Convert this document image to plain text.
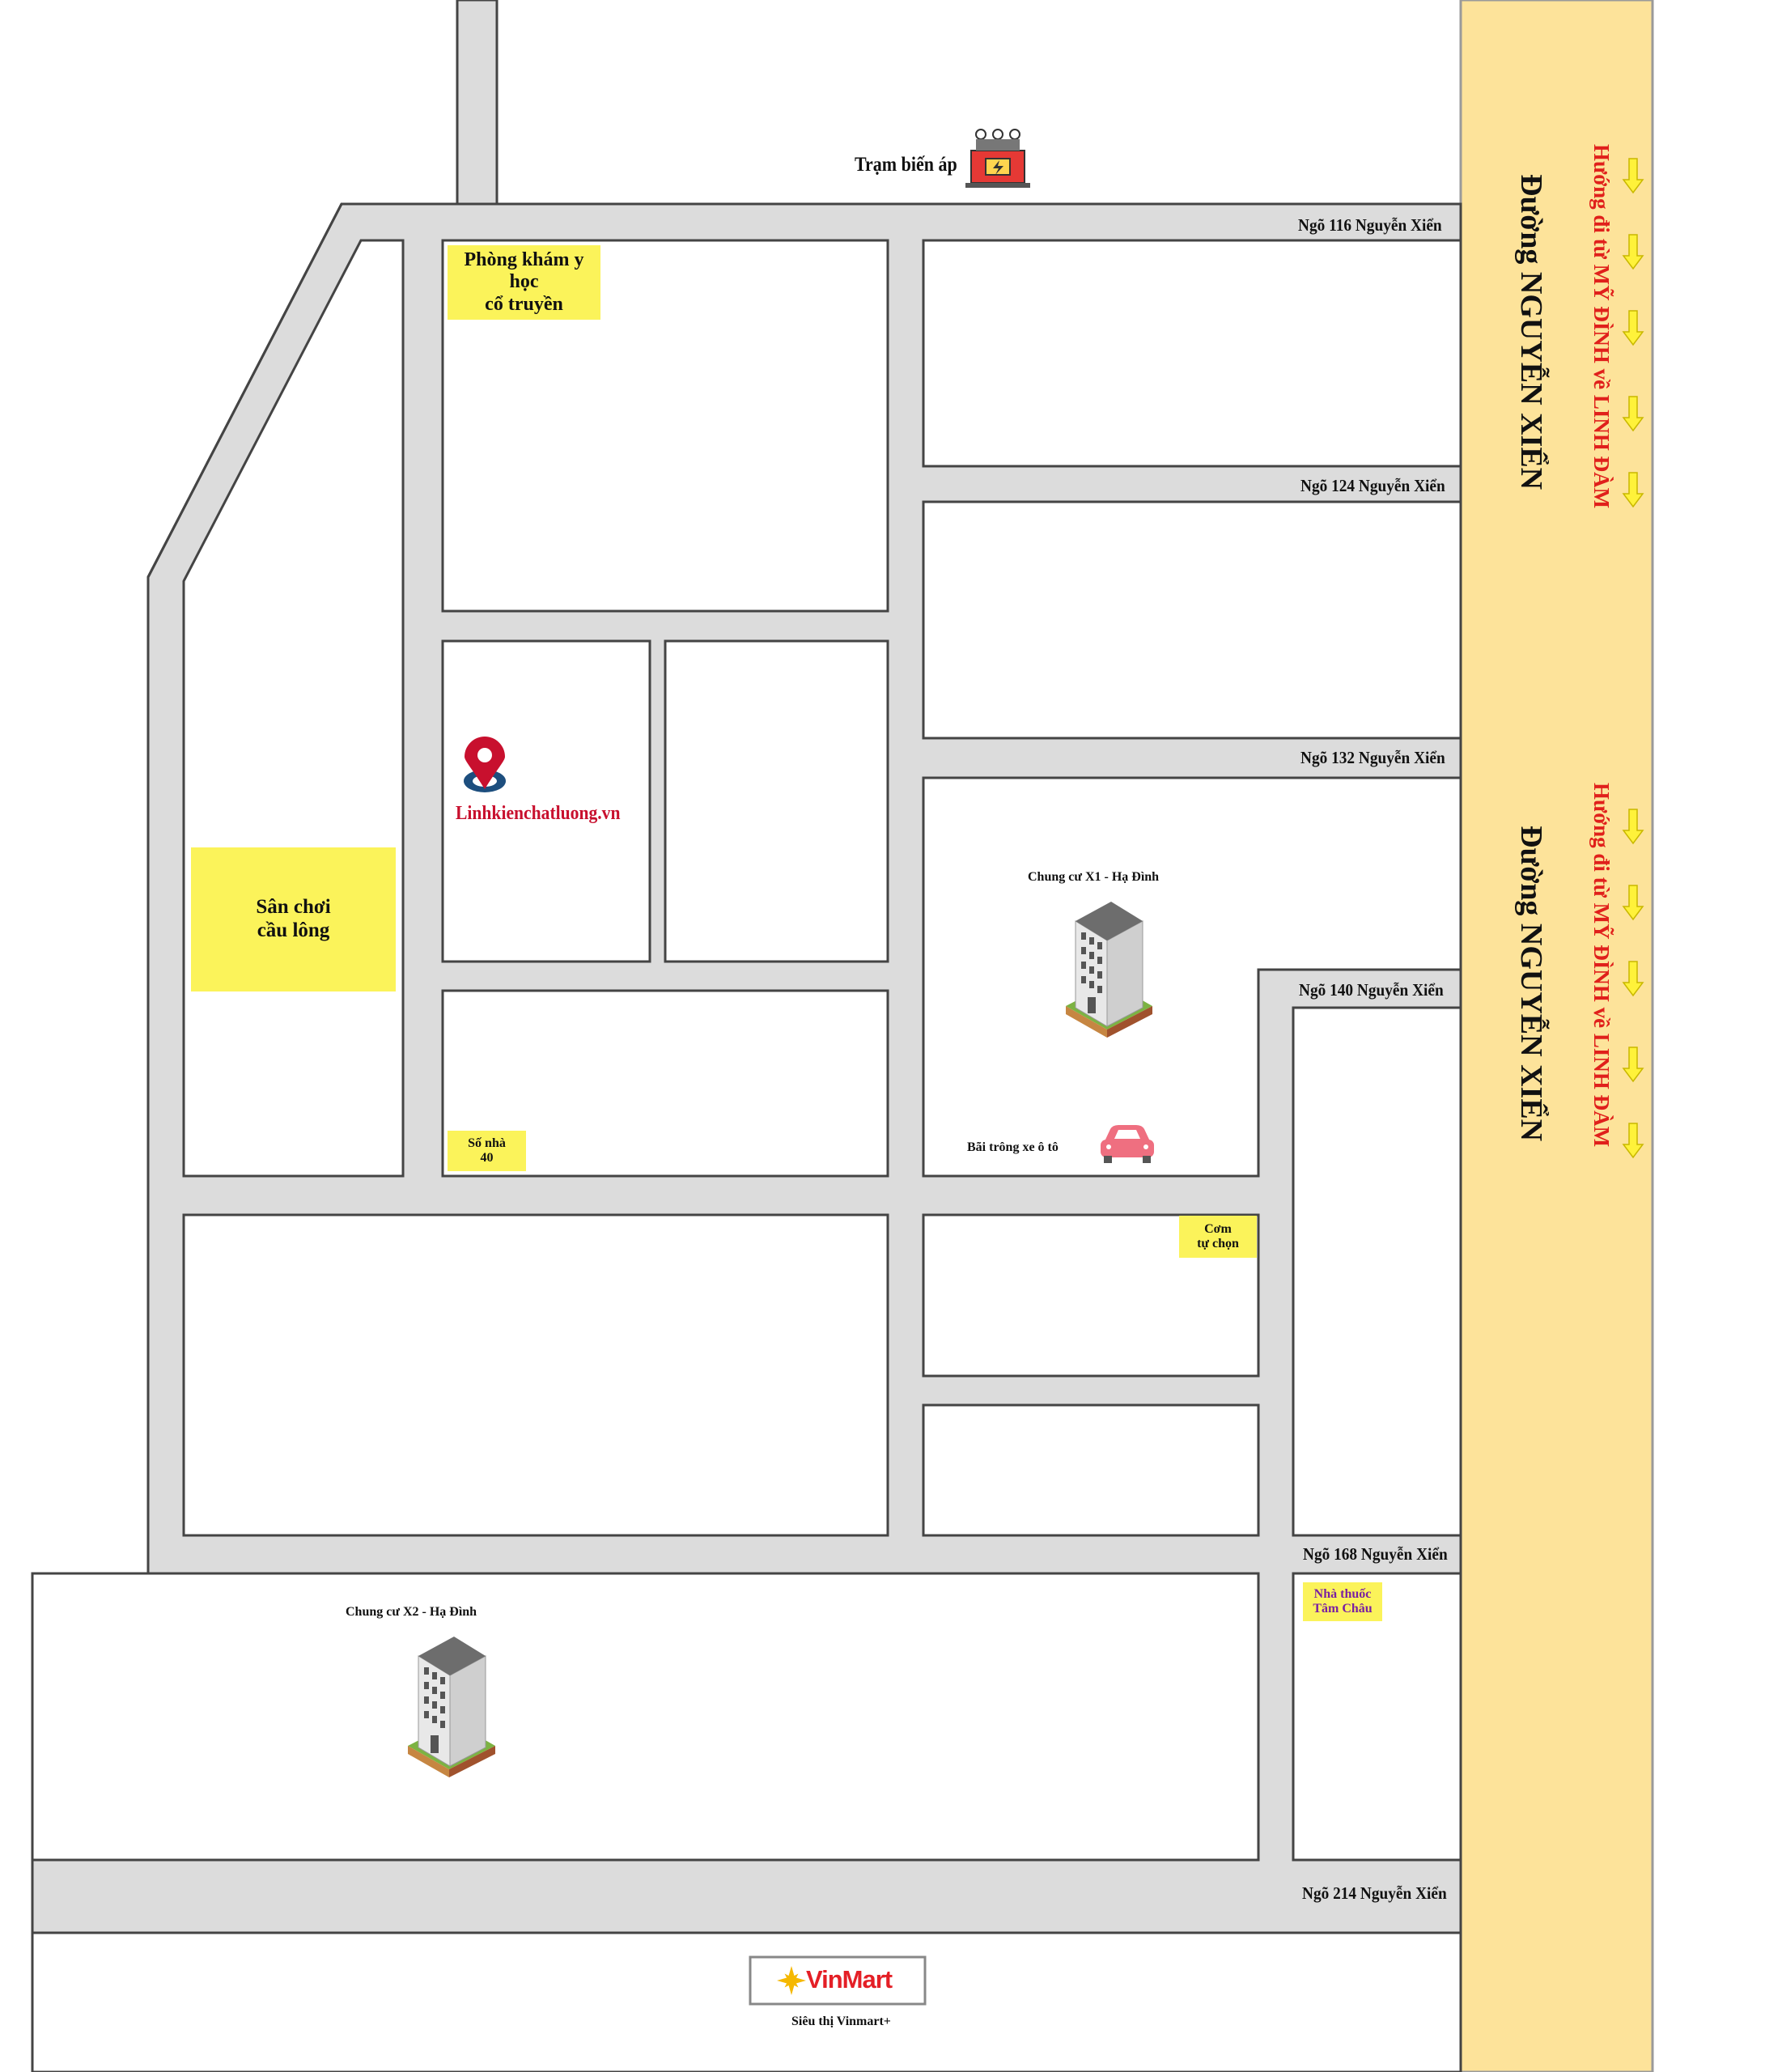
Trạm biến áp
Ngõ 116 Nguyễn Xiển
Ngõ 124 Nguyễn Xiển
Ngõ 132 Nguyễn Xiển
Ngõ 140 Nguyễn Xiển
Ngõ 168 Nguyễn Xiển
Ngõ 214 Nguyễn Xiển
Phòng khám y học
cổ truyền
Linhkienchatluong.vn
Sân chơi
cầu lông
Số nhà
40
Chung cư X1 - Hạ Đình
Bãi trông xe ô tô
Cơm
tự chọn
Nhà thuốc
Tâm Châu
Chung cư X2 - Hạ Đình
VinMart
Siêu thị Vinmart+
Đường NGUYỄN XIỂN
Đường NGUYỄN XIỂN
Hướng đi từ MỸ ĐÌNH về LINH ĐÀM
Hướng đi từ MỸ ĐÌNH về LINH ĐÀM
